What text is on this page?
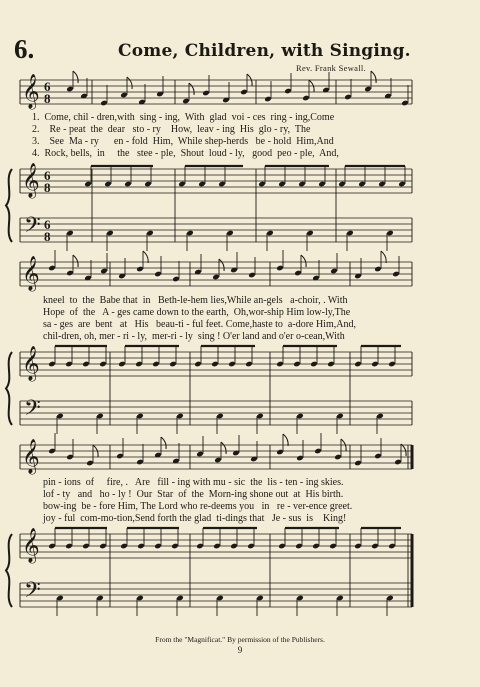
6.	Come, Children, with Singing.
Rev. Frank Sewall.
𝄞
𝄞
𝄢
6
8
6
8
6
8
𝄞
𝄞
𝄢
𝄞
𝄞
𝄢
1.  Come, chil - dren,with  sing - ing,  With  glad  voi - ces  ring - ing,Come
2.    Re - peat  the  dear   sto - ry    How,  leav - ing  His  glo - ry,  The
3.    See  Ma - ry      en - fold  Him,  While shep-herds   be - hold  Him,And
4.  Rock, bells,  in     the   stee - ple,  Shout  loud - ly,   good  peo - ple,  And,
kneel  to  the  Babe that  in   Beth-le-hem lies,While an-gels   a-choir, . With
Hope  of  the   A - ges came down to the earth,  Oh,wor-ship Him low-ly,The
sa - ges  are  bent   at   His   beau-ti - ful feet. Come,haste to  a-dore Him,And,
chil-dren, oh, mer - ri - ly,  mer-ri - ly  sing ! O'er land and o'er o-cean,With
pin - ions  of     fire, .   Are   fill - ing with mu - sic  the  lis - ten - ing skies.
lof - ty   and   ho - ly !  Our  Star  of  the  Morn-ing shone out  at  His birth.
bow-ing  be - fore Him, The Lord who re-deems you   in   re - ver-ence greet.
joy - ful  com-mo-tion,Send forth the glad  ti-dings that   Je - sus  is    King!
From the "Magnificat." By permission of the Publishers.
9
